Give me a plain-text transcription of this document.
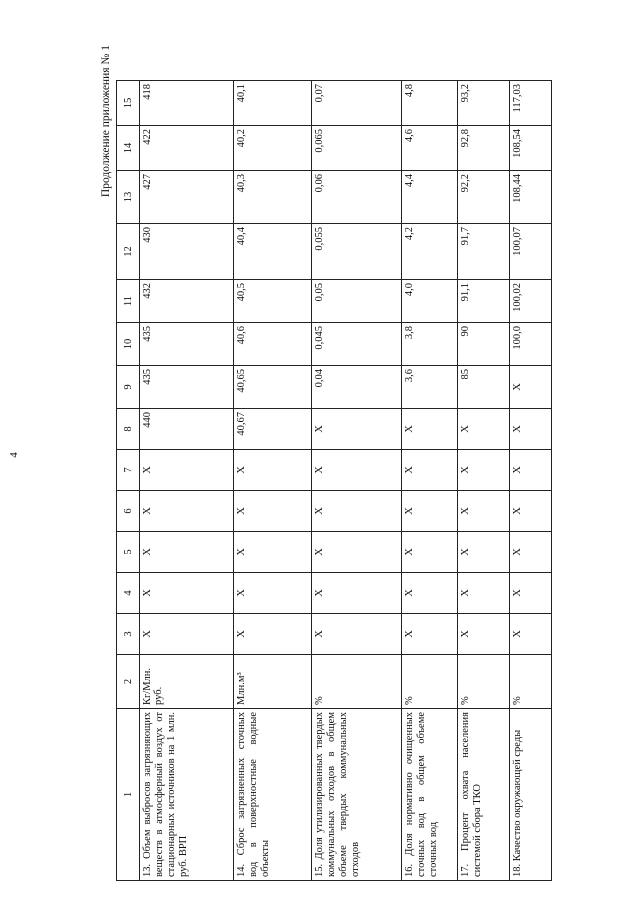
4
Продолжение приложения № 1
1	2	3	4	5	6	7	8	9	10	11	12	13	14	15
13. Объем выбросов загрязняющих веществ в атмосферный воздух от стационарных источников на 1 млн. руб. ВРП	Кг/Млн. руб.	X	X	X	X	X	440	435	435	432	430	427	422	418
14. Сброс загрязненных сточных вод в поверхностные водные объекты	Млн.м³	X	X	X	X	X	40,67	40,65	40,6	40,5	40,4	40,3	40,2	40,1
15. Доля утилизированных твердых коммунальных отходов в общем объеме твердых коммунальных отходов	%	X	X	X	X	X	X	0,04	0,045	0,05	0,055	0,06	0,065	0,07
16. Доля нормативно очищенных сточных вод в общем объеме сточных вод	%	X	X	X	X	X	X	3,6	3,8	4,0	4,2	4,4	4,6	4,8
17. Процент охвата населения системой сбора ТКО	%	X	X	X	X	X	X	85	90	91,1	91,7	92,2	92,8	93,2
18. Качество окружающей среды	%	X	X	X	X	X	X	X	100,0	100,02	100,07	108,44	108,54	117,03
